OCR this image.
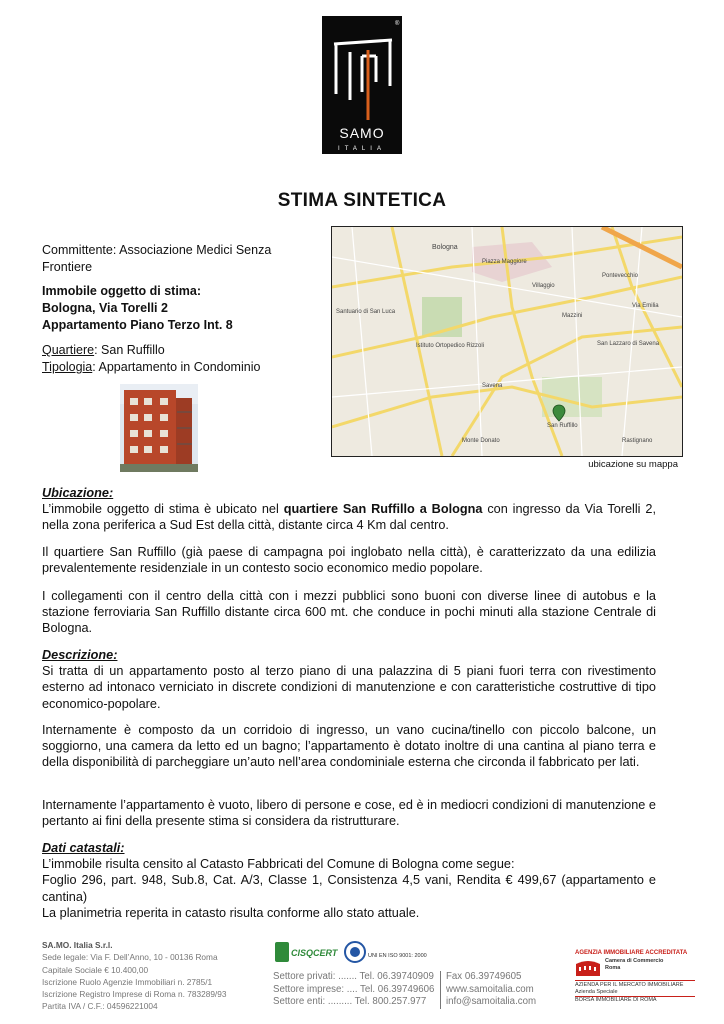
®
SAMO
ITALIA
STIMA SINTETICA
Committente: Associazione Medici Senza Frontiere
Immobile oggetto di stima:
Bologna, Via Torelli 2
Appartamento Piano Terzo Int. 8
Quartiere: San Ruffillo
Tipologia: Appartamento in Condominio
Bologna
Piazza Maggiore
Santuario di San Luca
Istituto Ortopedico Rizzoli	San Lazzaro di Savena
Pontevecchio
Villaggio
Mazzini
San Ruffillo
Monte Donato	Rastignano
Savena
Via Emilia
ubicazione su mappa

Ubicazione:

L’immobile oggetto di stima è ubicato nel quartiere San Ruffillo a Bologna con ingresso da Via Torelli 2, nella zona periferica a Sud Est della città, distante circa 4 Km dal centro.

Il quartiere San Ruffillo (già paese di campagna poi inglobato nella città), è caratterizzato da una edilizia prevalentemente residenziale in un contesto socio economico medio popolare.
I collegamenti con il centro della città con i mezzi pubblici sono buoni con diverse linee di autobus e la stazione ferroviaria San Ruffillo distante circa 600 mt. che conduce in pochi minuti alla stazione Centrale di Bologna.

Descrizione:

Si tratta di un appartamento posto al terzo piano di una palazzina di 5 piani fuori terra con rivestimento esterno ad intonaco verniciato in discrete condizioni di manutenzione e con caratteristiche costruttive di tipo economico-popolare.

Internamente è composto da un corridoio di ingresso, un vano cucina/tinello con piccolo balcone, un soggiorno, una camera da letto ed un bagno; l’appartamento è dotato inoltre di una cantina al piano terra e della disponibilità di parcheggiare un’auto nell’area condominiale esterna che circonda il fabbricato per lati.
Internamente l’appartamento è vuoto, libero di persone e cose, ed è in mediocri condizioni di manutenzione e pertanto ai fini della presente stima si considera da ristrutturare.

Dati catastali:

L’immobile risulta censito al Catasto Fabbricati del Comune di Bologna come segue:

Foglio 296, part. 948, Sub.8, Cat. A/3, Classe 1, Consistenza 4,5 vani, Rendita € 499,67 (appartamento e cantina)

La planimetria reperita in catasto risulta conforme allo stato attuale.

SA.MO. Italia S.r.l.
Sede legale: Via F. Dell’Anno, 10 - 00136 Roma
Capitale Sociale € 10.400,00
Iscrizione Ruolo Agenzie Immobiliari n. 2785/1
Iscrizione Registro Imprese di Roma n. 783289/93
Partita IVA / C.F.: 04596221004
CISQCERT	UNI EN ISO 9001: 2000
Settore privati: ....... Tel. 06.39740909
Settore imprese: .... Tel. 06.39749606
Settore enti: ......... Tel. 800.257.977
Fax 06.39749605
www.samoitalia.com
info@samoitalia.com
AGENZIA IMMOBILIARE ACCREDITATA
Camera di Commercio
Roma
AZIENDA PER IL MERCATO IMMOBILIARE
Azienda Speciale
BORSA IMMOBILIARE DI ROMA
